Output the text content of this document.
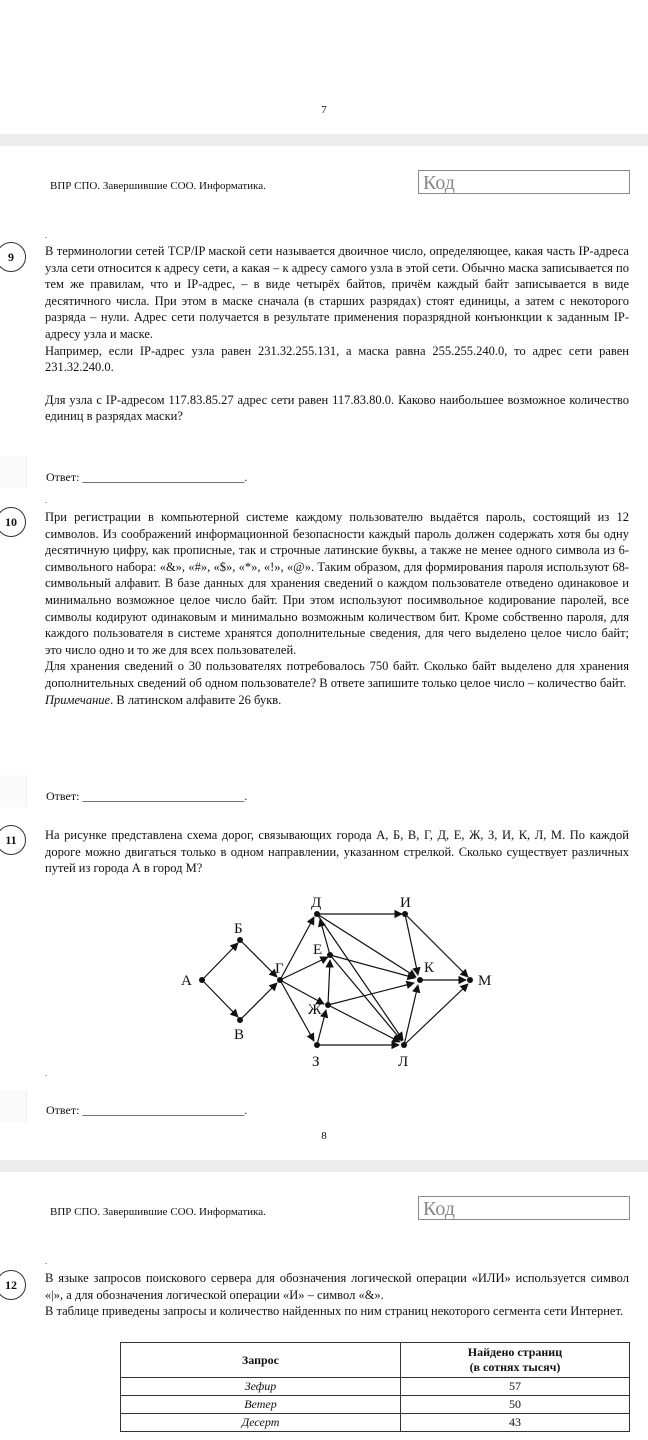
7
ВПР СПО. Завершившие СОО. Информатика.	Код
9
.

В терминологии сетей TCP/IP маской сети называется двоичное число, определяющее, какая часть IP-адреса узла сети относится к адресу сети, а какая – к адресу самого узла в этой сети. Обычно маска записывается по тем же правилам, что и IP-адрес, – в виде четырёх байтов, причём каждый байт записывается в виде десятичного числа. При этом в маске сначала (в старших разрядах) стоят единицы, а затем с некоторого разряда – нули. Адрес сети получается в результате применения поразрядной конъюнкции к заданным IP-адресу узла и маске.

Например, если IP-адрес узла равен 231.32.255.131, а маска равна 255.255.240.0, то адрес сети равен 231.32.240.0.

Для узла с IP-адресом 117.83.85.27 адрес сети равен 117.83.80.0. Каково наибольшее возможное количество единиц в разрядах маски?

Ответ: ___________________________.
10
.

При регистрации в компьютерной системе каждому пользователю выдаётся пароль, состоящий из 12 символов. Из соображений информационной безопасности каждый пароль должен содержать хотя бы одну десятичную цифру, как прописные, так и строчные латинские буквы, а также не менее одного символа из 6-символьного набора: «&», «#», «$», «*», «!», «@». Таким образом, для формирования пароля используют 68-символьный алфавит. В базе данных для хранения сведений о каждом пользователе отведено одинаковое и минимально возможное целое число байт. При этом используют посимвольное кодирование паролей, все символы кодируют одинаковым и минимально возможным количеством бит. Кроме собственно пароля, для каждого пользователя в системе хранятся дополнительные сведения, для чего выделено целое число байт; это число одно и то же для всех пользователей.

Для хранения сведений о 30 пользователях потребовалось 750 байт. Сколько байт выделено для хранения дополнительных сведений об одном пользователе? В ответе запишите только целое число – количество байт.

Примечание. В латинском алфавите 26 букв.

Ответ: ___________________________.
11	На рисунке представлена схема дорог, связывающих города А, Б, В, Г, Д, Е, Ж, З, И, К, Л, М. По каждой дороге можно двигаться только в одном направлении, указанном стрелкой. Сколько существует различных путей из города А в город М?

А
Б
В
Г
Д
Е
Ж
З
И
К
Л
М
.
Ответ: ___________________________.
8
ВПР СПО. Завершившие СОО. Информатика.	Код
12
.

В языке запросов поискового сервера для обозначения логической операции «ИЛИ» используется символ «|», а для обозначения логической операции «И» – символ «&».

В таблице приведены запросы и количество найденных по ним страниц некоторого сегмента сети Интернет.

Запрос	Найдено страниц
(в сотнях тысяч)
Зефир	57
Ветер	50
Десерт	43
